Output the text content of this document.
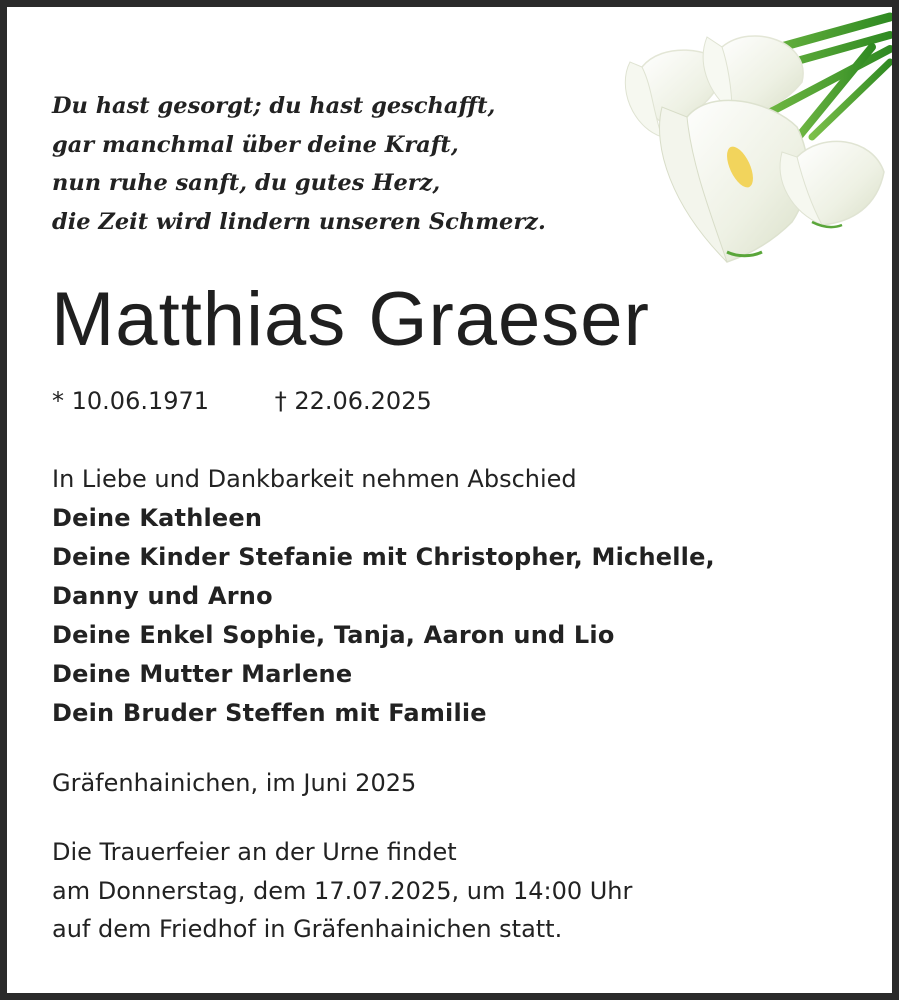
Du hast gesorgt; du hast geschafft,
gar manchmal über deine Kraft,
nun ruhe sanft, du gutes Herz,
die Zeit wird lindern unseren Schmerz.
Matthias Graeser
* 10.06.1971	† 22.06.2025
In Liebe und Dankbarkeit nehmen Abschied
Deine Kathleen
Deine Kinder Stefanie mit Christopher, Michelle,
Danny und Arno
Deine Enkel Sophie, Tanja, Aaron und Lio
Deine Mutter Marlene
Dein Bruder Steffen mit Familie
Gräfenhainichen, im Juni 2025
Die Trauerfeier an der Urne findet
am Donnerstag, dem 17.07.2025, um 14:00 Uhr
auf dem Friedhof in Gräfenhainichen statt.
